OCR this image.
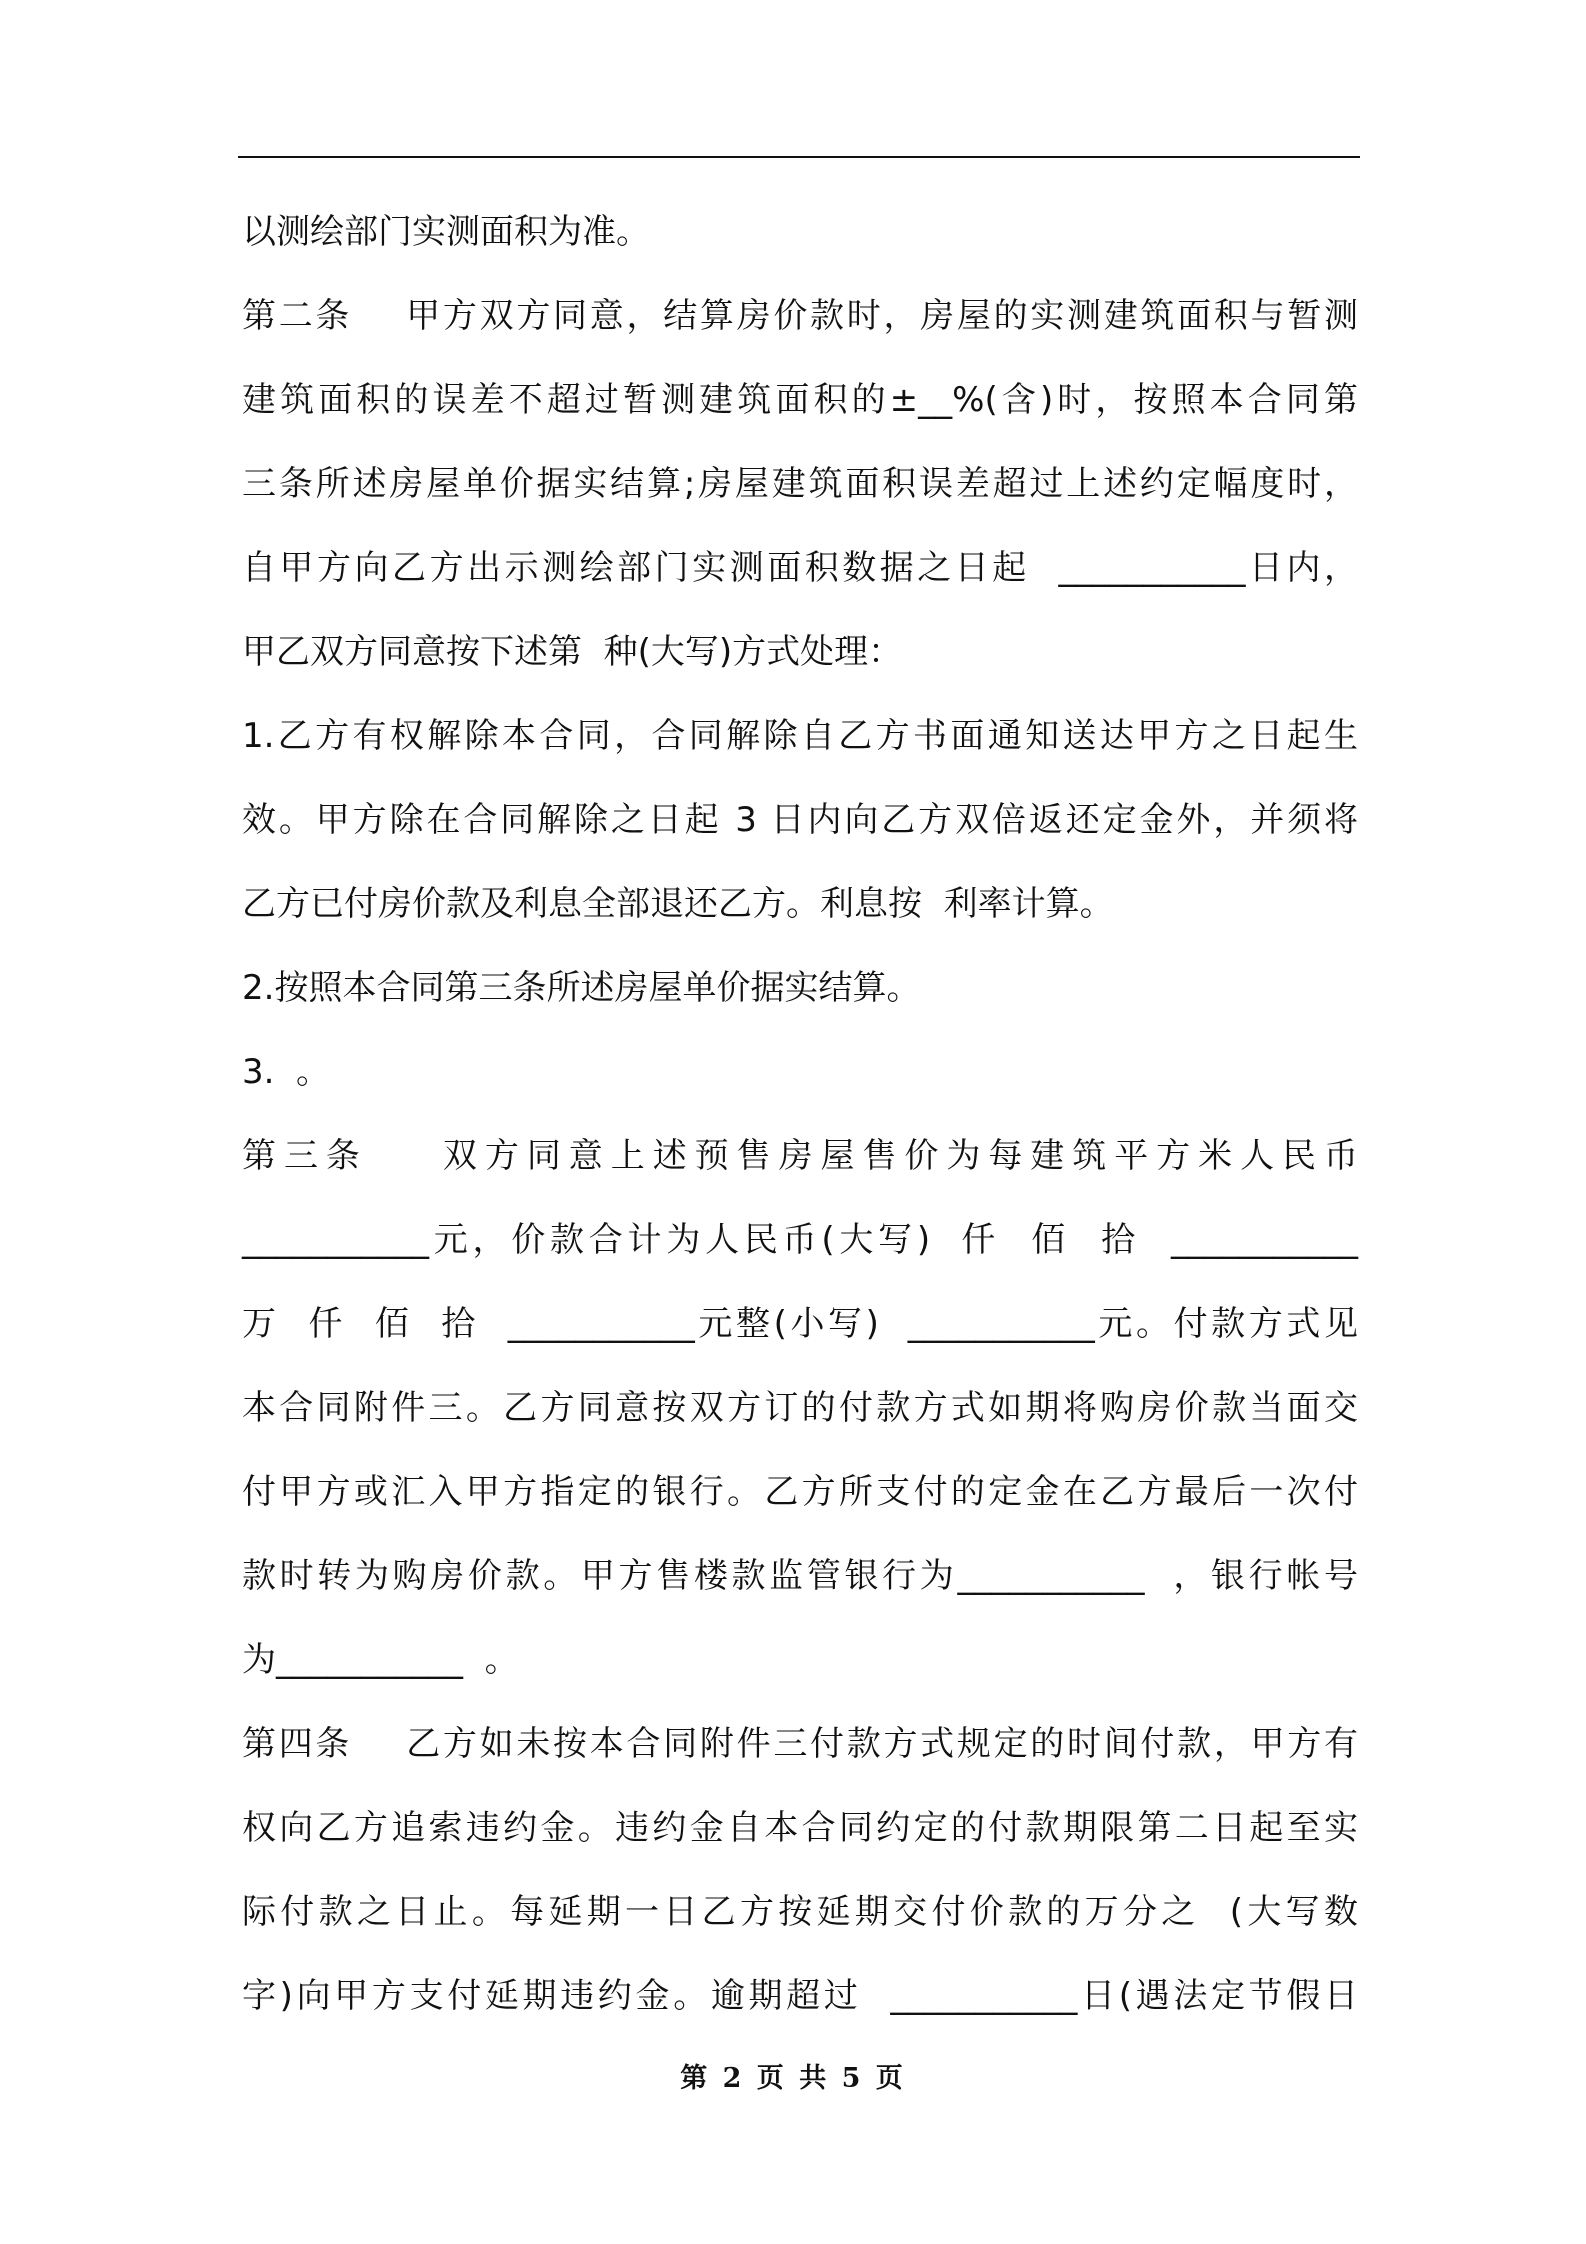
以测绘部门实测面积为准。
第二条    甲方双方同意，结算房价款时，房屋的实测建筑面积与暂测
建筑面积的误差不超过暂测建筑面积的±__%(含)时，按照本合同第
三条所述房屋单价据实结算;房屋建筑面积误差超过上述约定幅度时，
自甲方向乙方出示测绘部门实测面积数据之日起  ___________日内，
甲乙双方同意按下述第  种(大写)方式处理：
1.乙方有权解除本合同，合同解除自乙方书面通知送达甲方之日起生
效。甲方除在合同解除之日起 3 日内向乙方双倍返还定金外，并须将
乙方已付房价款及利息全部退还乙方。利息按  利率计算。
2.按照本合同第三条所述房屋单价据实结算。
3.  。
第三条    双方同意上述预售房屋售价为每建筑平方米人民币
___________元，价款合计为人民币(大写)  仟  佰  拾  ___________
万  仟  佰  拾  ___________元整(小写)  ___________元。付款方式见
本合同附件三。乙方同意按双方订的付款方式如期将购房价款当面交
付甲方或汇入甲方指定的银行。乙方所支付的定金在乙方最后一次付
款时转为购房价款。甲方售楼款监管银行为___________  ，银行帐号
为___________  。
第四条    乙方如未按本合同附件三付款方式规定的时间付款，甲方有
权向乙方追索违约金。违约金自本合同约定的付款期限第二日起至实
际付款之日止。每延期一日乙方按延期交付价款的万分之  (大写数
字)向甲方支付延期违约金。逾期超过  ___________日(遇法定节假日
第 2 页 共 5 页
